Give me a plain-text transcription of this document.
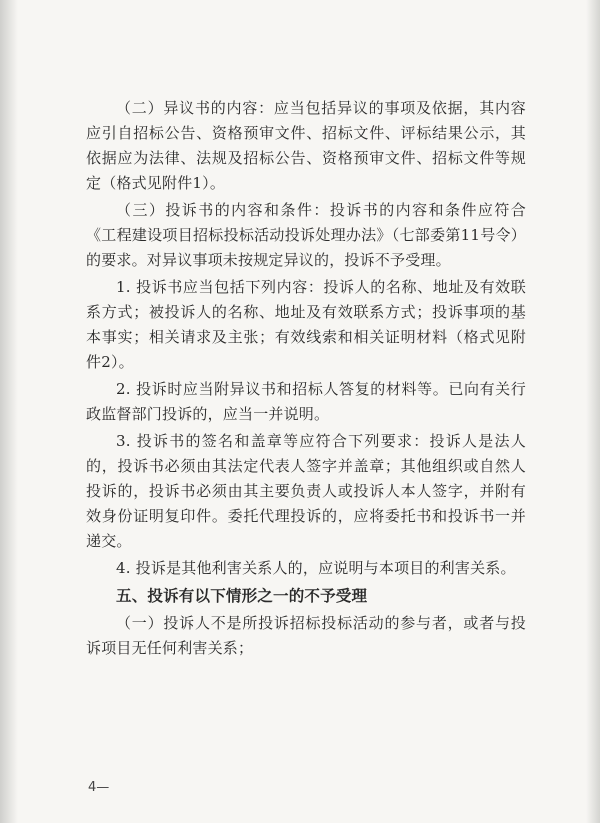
（二）异议书的内容：应当包括异议的事项及依据，其内容应引自招标公告、资格预审文件、招标文件、评标结果公示，其依据应为法律、法规及招标公告、资格预审文件、招标文件等规定（格式见附件1）。

（三）投诉书的内容和条件：投诉书的内容和条件应符合《工程建设项目招标投标活动投诉处理办法》（七部委第11号令）的要求。对异议事项未按规定异议的，投诉不予受理。

1. 投诉书应当包括下列内容：投诉人的名称、地址及有效联系方式；被投诉人的名称、地址及有效联系方式；投诉事项的基本事实；相关请求及主张；有效线索和相关证明材料（格式见附件2）。

2. 投诉时应当附异议书和招标人答复的材料等。已向有关行政监督部门投诉的，应当一并说明。

3. 投诉书的签名和盖章等应符合下列要求：投诉人是法人的，投诉书必须由其法定代表人签字并盖章；其他组织或自然人投诉的，投诉书必须由其主要负责人或投诉人本人签字，并附有效身份证明复印件。委托代理投诉的，应将委托书和投诉书一并递交。

4. 投诉是其他利害关系人的，应说明与本项目的利害关系。

五、投诉有以下情形之一的不予受理

（一）投诉人不是所投诉招标投标活动的参与者，或者与投诉项目无任何利害关系；

4—
